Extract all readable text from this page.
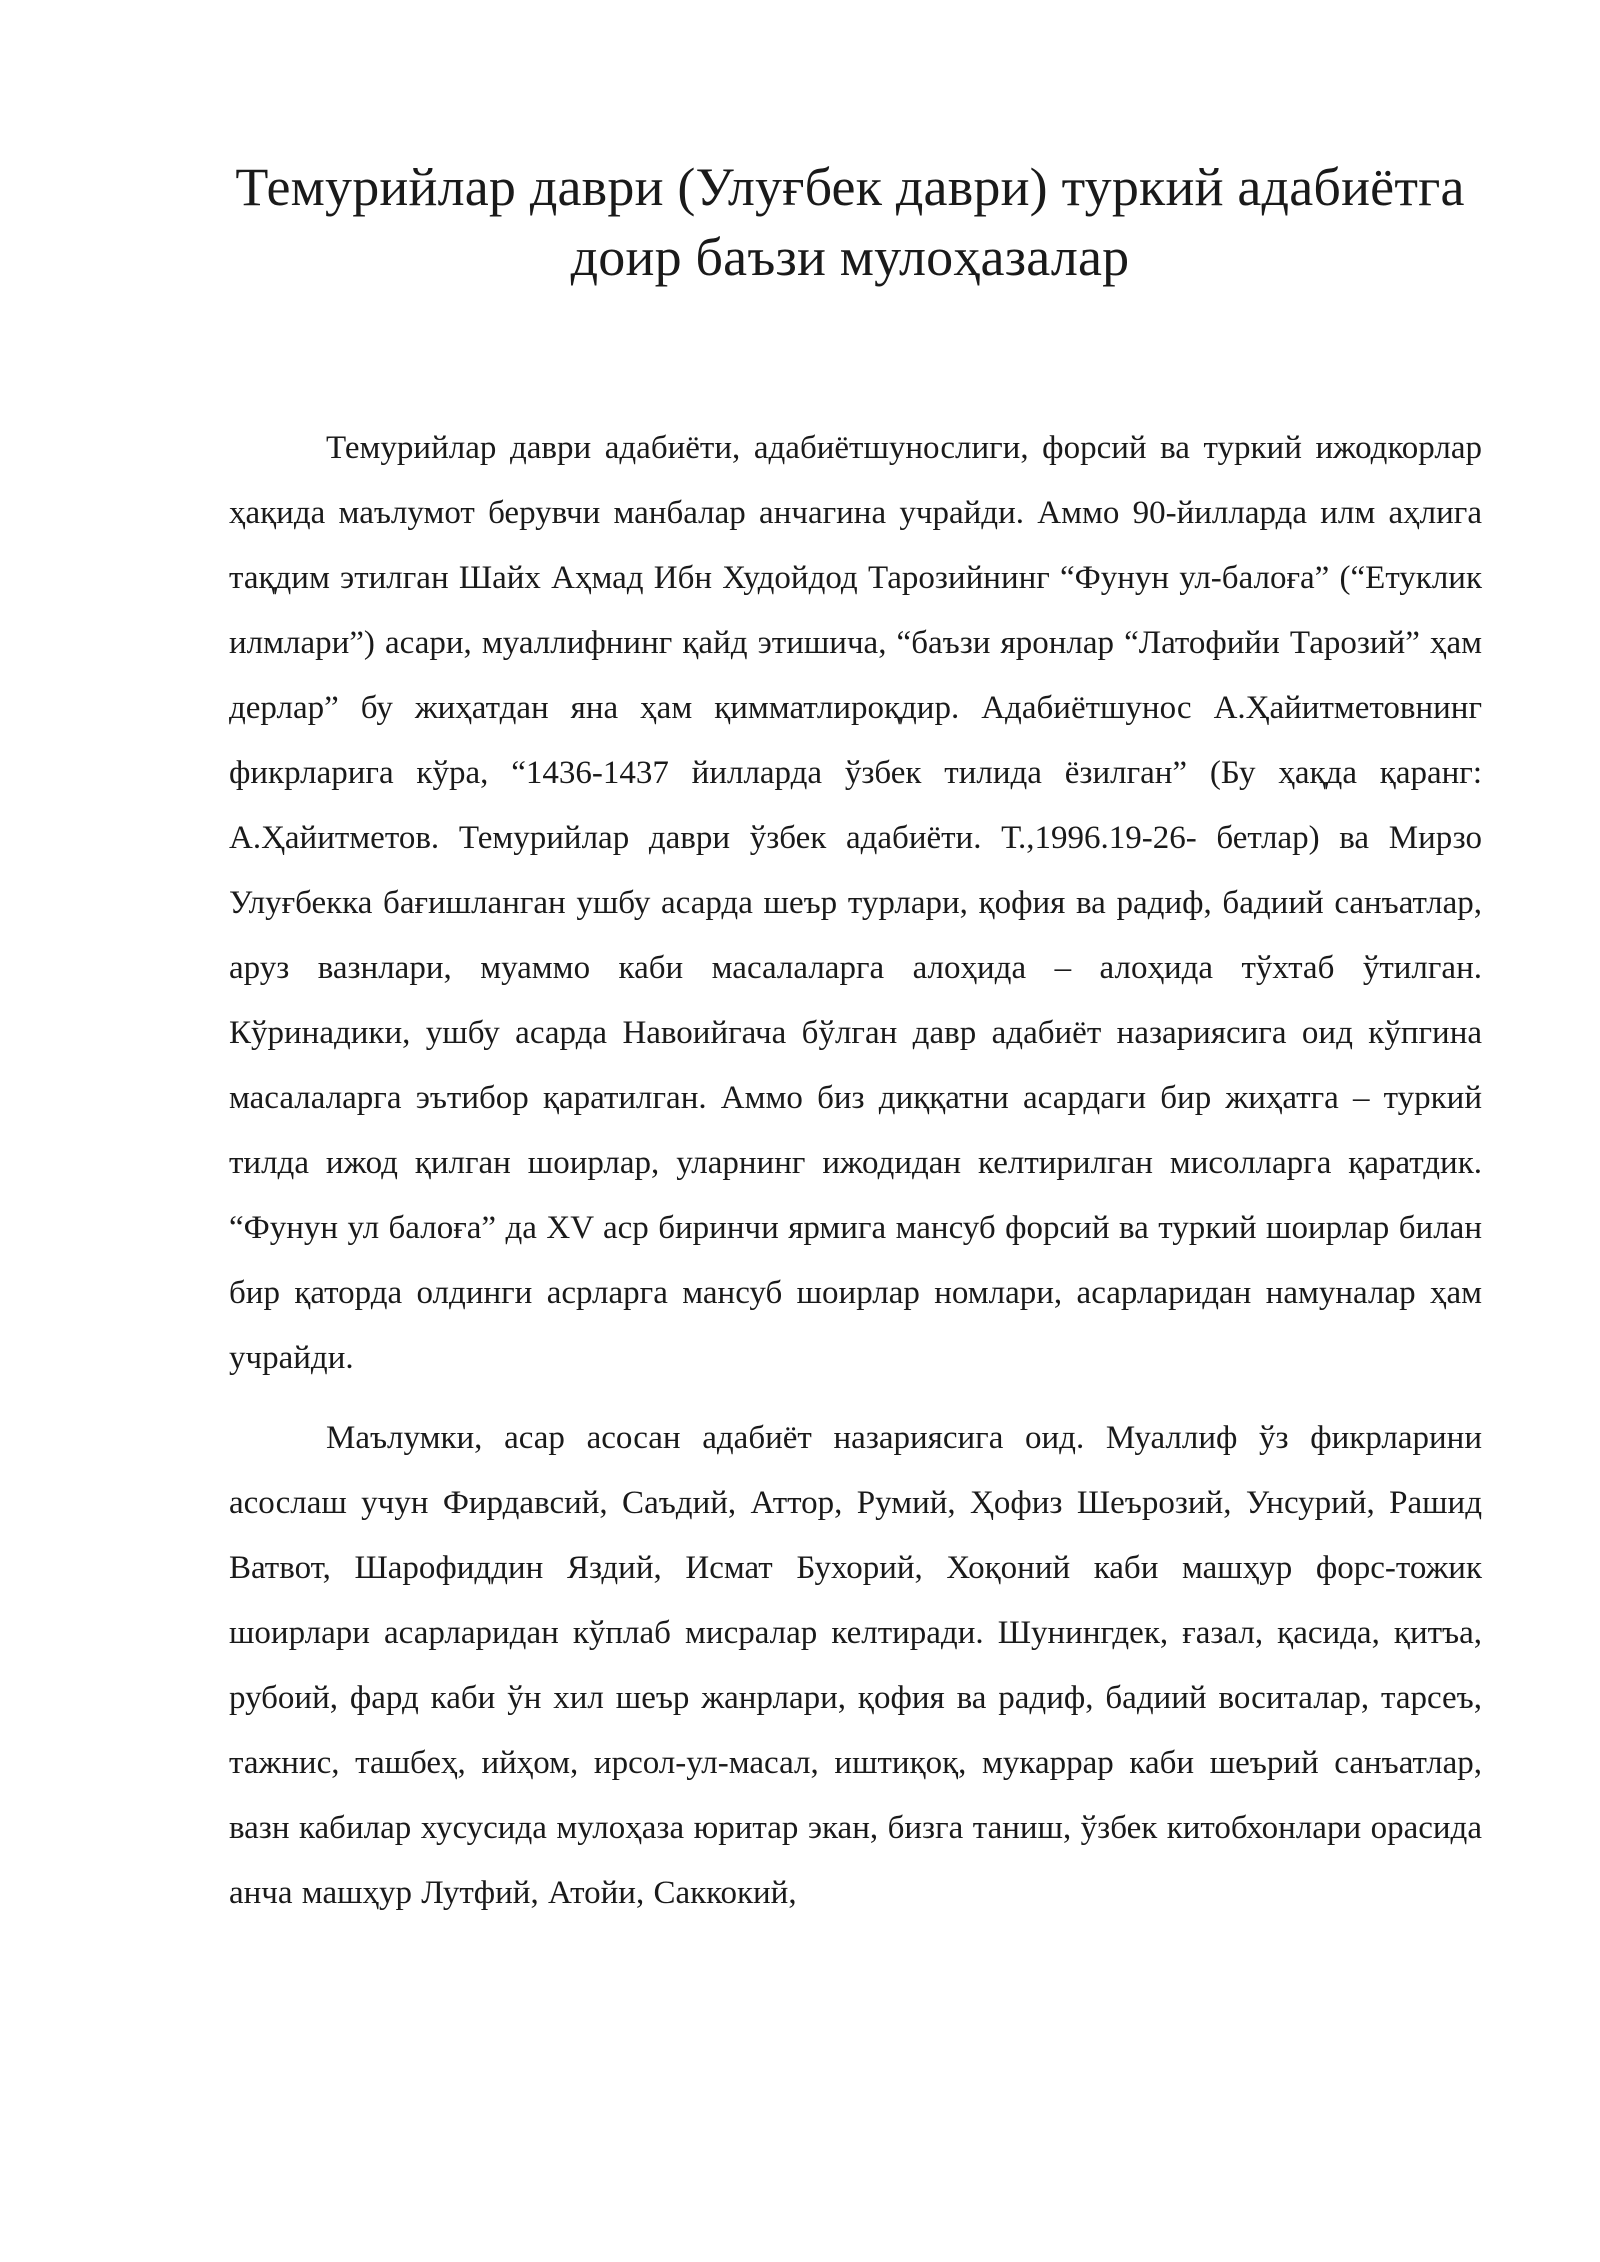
Темурийлар даври (Улуғбек даври) туркий адабиётга доир баъзи мулоҳазалар

Темурийлар даври адабиёти, адабиётшунослиги, форсий ва туркий ижодкорлар ҳақида маълумот берувчи манбалар анчагина учрайди. Аммо 90-йилларда илм аҳлига тақдим этилган Шайх Аҳмад Ибн Худойдод Тарозийнинг “Фунун ул-балоға” (“Етуклик илмлари”) асари, муаллифнинг қайд этишича, “баъзи яронлар “Латофийи Тарозий” ҳам дерлар” бу жиҳатдан яна ҳам қимматлироқдир. Адабиётшунос А.Ҳайитметовнинг фикрларига кўра, “1436-1437 йилларда ўзбек тилида ёзилган” (Бу ҳақда қаранг: А.Ҳайитметов. Темурийлар даври ўзбек адабиёти. Т.,1996.19-26- бетлар) ва Мирзо Улуғбекка бағишланган ушбу асарда шеър турлари, қофия ва радиф, бадиий санъатлар, аруз вазнлари, муаммо каби масалаларга алоҳида – алоҳида тўхтаб ўтилган. Кўринадики, ушбу асарда Навоийгача бўлган давр адабиёт назариясига оид кўпгина масалаларга эътибор қаратилган. Аммо биз диққатни асардаги бир жиҳатга – туркий тилда ижод қилган шоирлар, уларнинг ижодидан келтирилган мисолларга қаратдик. “Фунун ул балоға” да XV аср биринчи ярмига мансуб форсий ва туркий шоирлар билан бир қаторда олдинги асрларга мансуб шоирлар номлари, асарларидан намуналар ҳам учрайди.

Маълумки, асар асосан адабиёт назариясига оид. Муаллиф ўз фикрларини асослаш учун Фирдавсий, Саъдий, Аттор, Румий, Ҳофиз Шеърозий, Унсурий, Рашид Ватвот, Шарофиддин Яздий, Исмат Бухорий, Хоқоний каби машҳур форс-тожик шоирлари асарларидан кўплаб мисралар келтиради. Шунингдек, ғазал, қасида, қитъа, рубоий, фард каби ўн хил шеър жанрлари, қофия ва радиф, бадиий воситалар, тарсеъ, тажнис, ташбеҳ, ийҳом, ирсол-ул-масал, иштиқоқ, мукаррар каби шеърий санъатлар, вазн кабилар хусусида мулоҳаза юритар экан, бизга таниш, ўзбек китобхонлари орасида анча машҳур Лутфий, Атойи, Саккокий,
